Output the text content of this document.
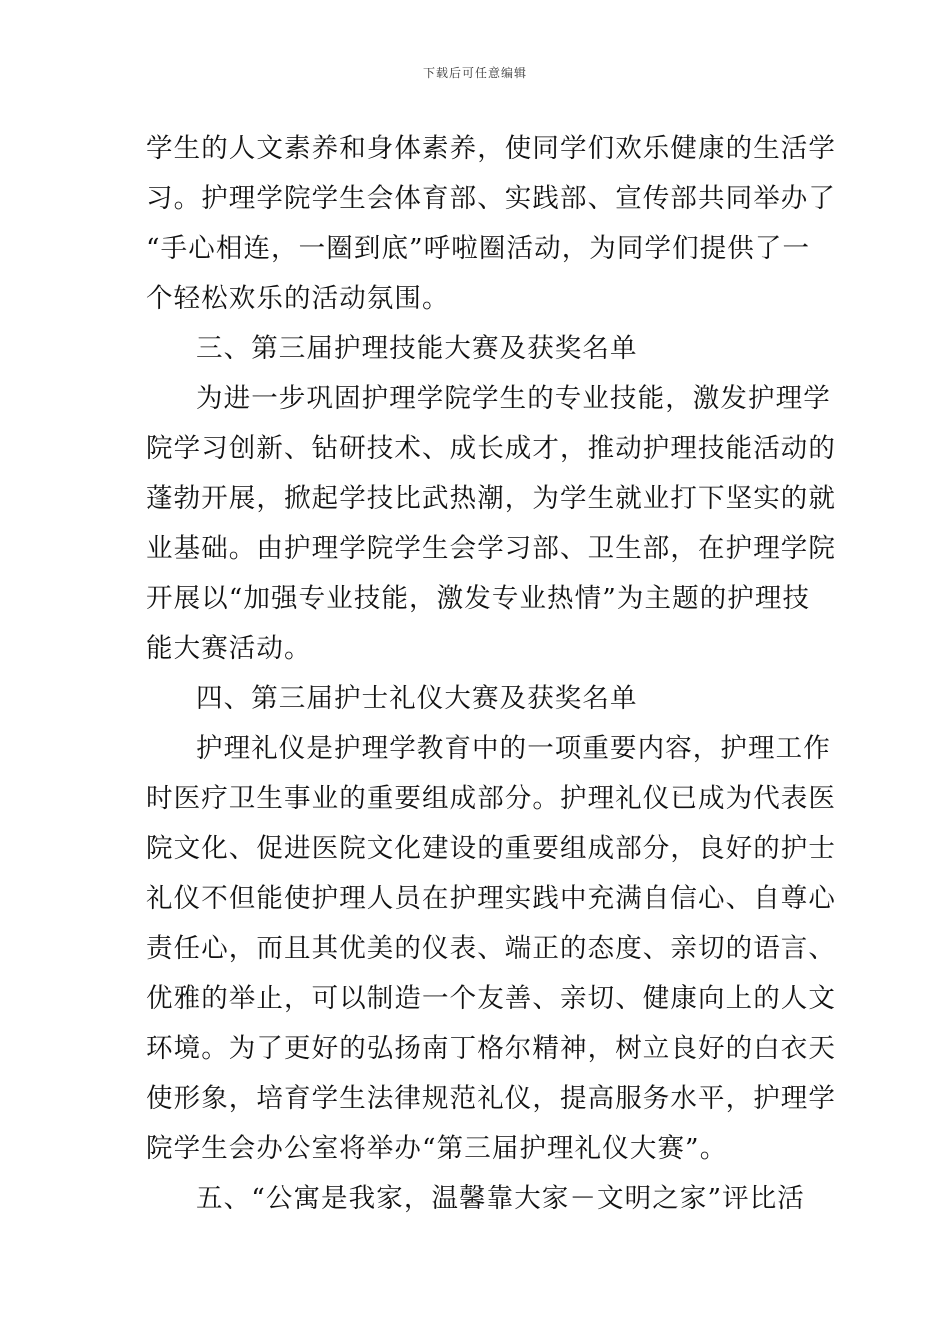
下载后可任意编辑
学生的人文素养和身体素养，使同学们欢乐健康的生活学
习。护理学院学生会体育部、实践部、宣传部共同举办了
“手心相连，一圈到底”呼啦圈活动，为同学们提供了一
个轻松欢乐的活动氛围。
三、第三届护理技能大赛及获奖名单
为进一步巩固护理学院学生的专业技能，激发护理学
院学习创新、钻研技术、成长成才，推动护理技能活动的
蓬勃开展，掀起学技比武热潮，为学生就业打下坚实的就
业基础。由护理学院学生会学习部、卫生部，在护理学院
开展以“加强专业技能，激发专业热情”为主题的护理技
能大赛活动。
四、第三届护士礼仪大赛及获奖名单
护理礼仪是护理学教育中的一项重要内容，护理工作
时医疗卫生事业的重要组成部分。护理礼仪已成为代表医
院文化、促进医院文化建设的重要组成部分，良好的护士
礼仪不但能使护理人员在护理实践中充满自信心、自尊心
责任心，而且其优美的仪表、端正的态度、亲切的语言、
优雅的举止，可以制造一个友善、亲切、健康向上的人文
环境。为了更好的弘扬南丁格尔精神，树立良好的白衣天
使形象，培育学生法律规范礼仪，提高服务水平，护理学
院学生会办公室将举办“第三届护理礼仪大赛”。
五、“公寓是我家，温馨靠大家－文明之家”评比活
